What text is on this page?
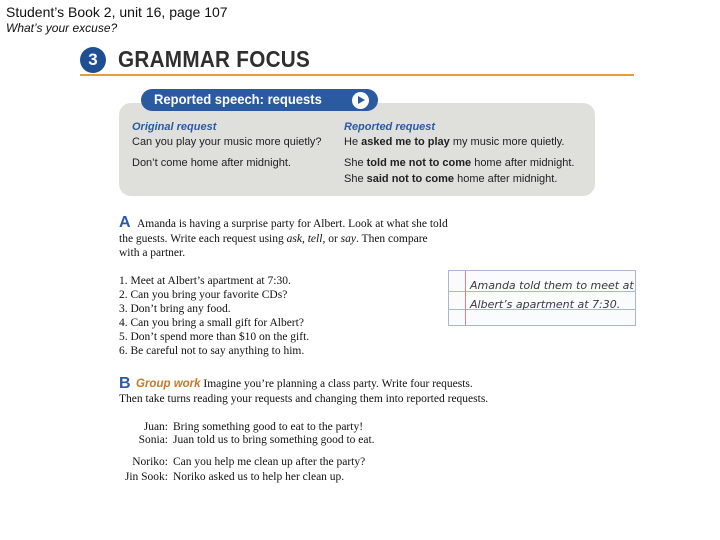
Student’s Book 2, unit 16, page 107
What’s your excuse?
3 GRAMMAR FOCUS
Reported speech: requests
Original request	Reported request
Can you play your music more quietly?
Don’t come home after midnight.
He asked me to play my music more quietly.
She told me not to come home after midnight.
She said not to come home after midnight.
A Amanda is having a surprise party for Albert. Look at what she told
the guests. Write each request using ask, tell, or say. Then compare
with a partner.
1. Meet at Albert’s apartment at 7:30.
2. Can you bring your favorite CDs?
3. Don’t bring any food.
4. Can you bring a small gift for Albert?
5. Don’t spend more than $10 on the gift.
6. Be careful not to say anything to him.
Amanda told them to meet at
Albert’s apartment at 7:30.
B Group work Imagine you’re planning a class party. Write four requests.
Then take turns reading your requests and changing them into reported requests.
Juan: Bring something good to eat to the party!
Sonia: Juan told us to bring something good to eat.
Noriko: Can you help me clean up after the party?
Jin Sook: Noriko asked us to help her clean up.
